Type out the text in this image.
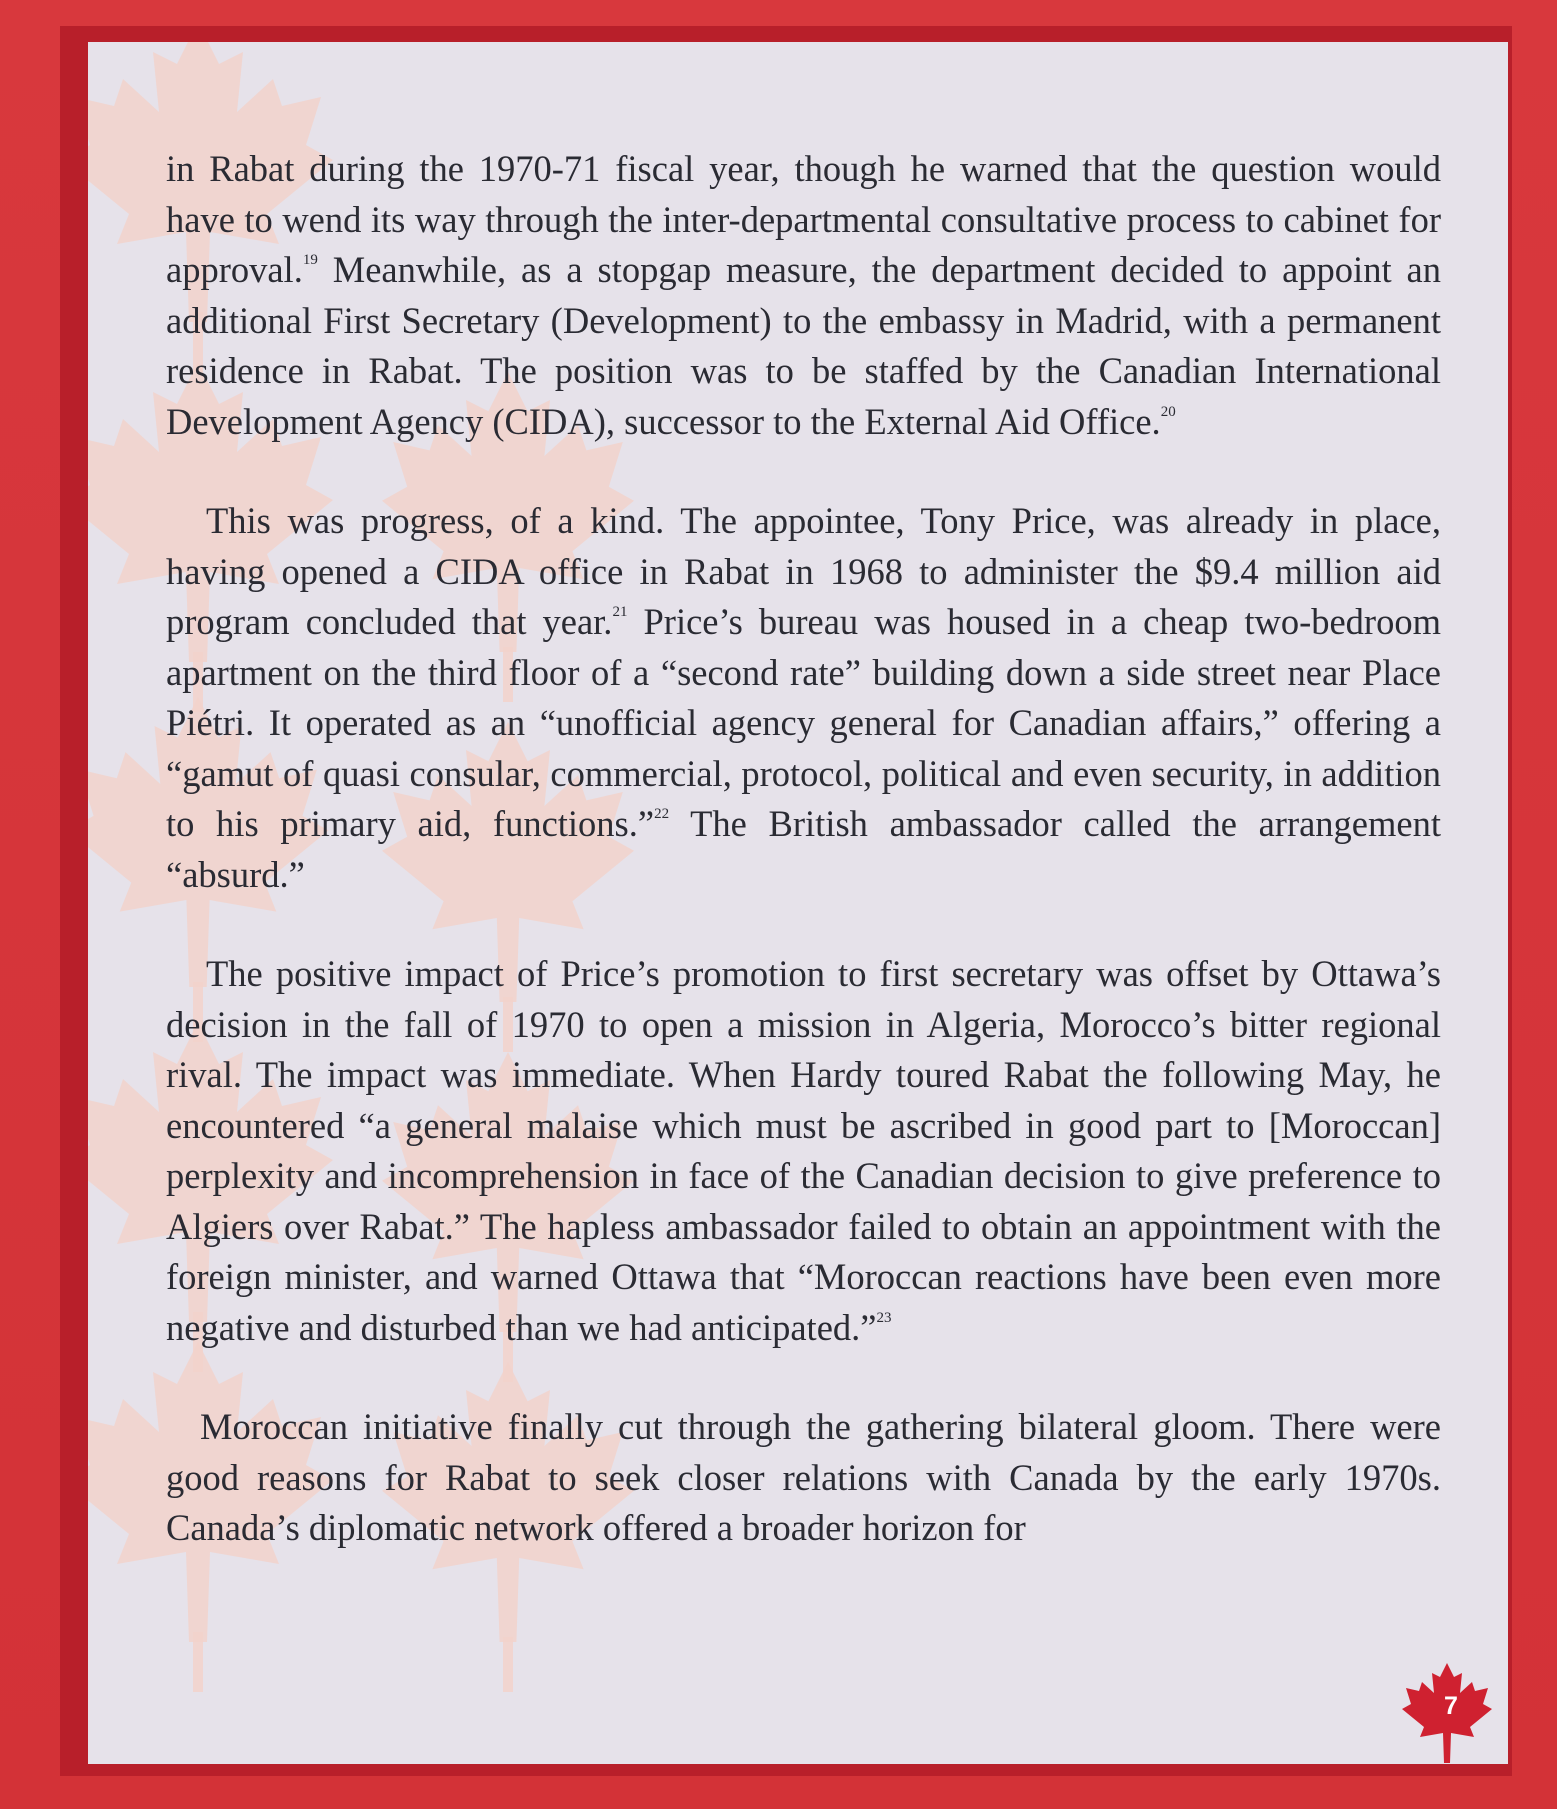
in Rabat during the 1970-71 fiscal year, though he warned that the question would have to wend its way through the inter-departmental consultative process to cabinet for approval.$^{19}$ Meanwhile, as a stopgap measure, the department decided to appoint an additional First Secretary (Development) to the embassy in Madrid, with a permanent residence in Rabat. The position was to be staffed by the Canadian International Development Agency (CIDA), successor to the External Aid Office.$^{20}$

This was progress, of a kind. The appointee, Tony Price, was already in place, having opened a CIDA office in Rabat in 1968 to administer the $9.4 million aid program concluded that year.$^{21}$ Price’s bureau was housed in a cheap two-bedroom apartment on the third floor of a “second rate” building down a side street near Place Piétri. It operated as an “unofficial agency general for Canadian affairs,” offering a “gamut of quasi consular, commercial, protocol, political and even security, in addition to his primary aid, functions.”$^{22}$ The British ambassador called the arrangement “absurd.”

The positive impact of Price’s promotion to first secretary was offset by Ottawa’s decision in the fall of 1970 to open a mission in Algeria, Morocco’s bitter regional rival. The impact was immediate. When Hardy toured Rabat the following May, he encountered “a general malaise which must be ascribed in good part to [Moroccan] perplexity and incomprehension in face of the Canadian decision to give preference to Algiers over Rabat.” The hapless ambassador failed to obtain an appointment with the foreign minister, and warned Ottawa that “Moroccan reactions have been even more negative and disturbed than we had anticipated.”$^{23}$

Moroccan initiative finally cut through the gathering bilateral gloom. There were good reasons for Rabat to seek closer relations with Canada by the early 1970s. Canada’s diplomatic network offered a broader horizon for

7
